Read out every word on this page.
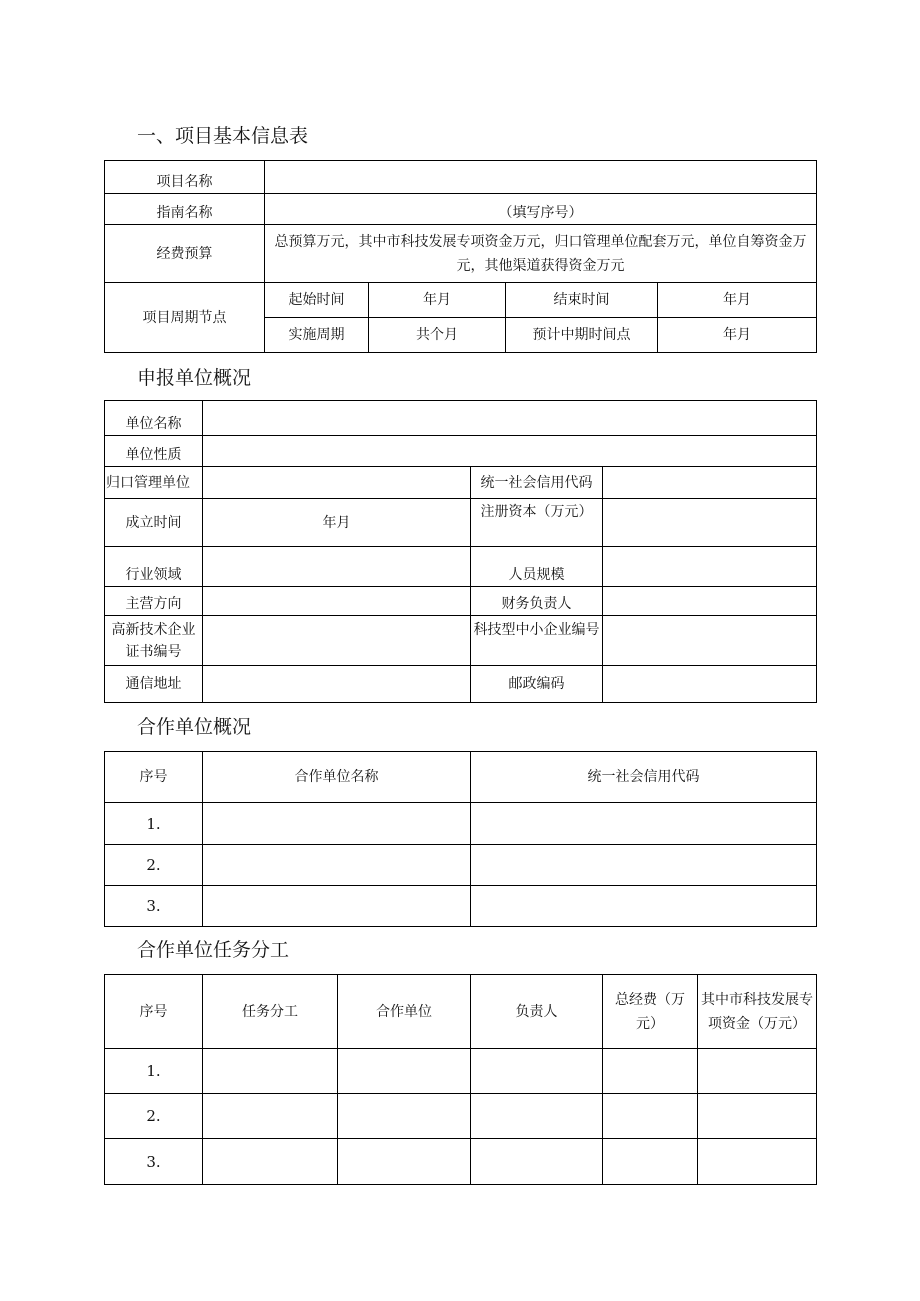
一、项目基本信息表
项目名称				
指南名称	（填写序号）			
经费预算	总预算万元，其中市科技发展专项资金万元，归口管理单位配套万元，单位自筹资金万元，其他渠道获得资金万元			
项目周期节点	起始时间	年月	结束时间	年月
	实施周期	共个月	预计中期时间点	年月
申报单位概况
单位名称			
单位性质			
归口管理单位		统一社会信用代码	
成立时间	年月	注册资本（万元）	
行业领域		人员规模	
主营方向		财务负责人	
高新技术企业证书编号		科技型中小企业编号	
通信地址		邮政编码	
合作单位概况
序号	合作单位名称	统一社会信用代码
1.		
2.		
3.		
合作单位任务分工
序号	任务分工	合作单位	负责人	总经费（万元）	其中市科技发展专项资金（万元）
1.					
2.					
3.					
